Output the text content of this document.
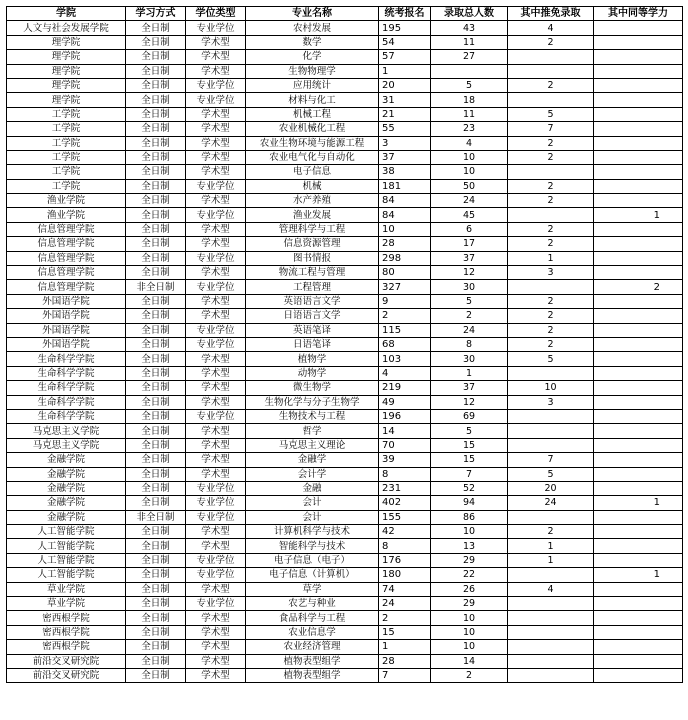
学院	学习方式	学位类型	专业名称	统考报名	录取总人数	其中推免录取	其中同等学力
人文与社会发展学院	全日制	专业学位	农村发展	195	43	4	
理学院	全日制	学术型	数学	54	11	2	
理学院	全日制	学术型	化学	57	27		
理学院	全日制	学术型	生物物理学	1			
理学院	全日制	专业学位	应用统计	20	5	2	
理学院	全日制	专业学位	材料与化工	31	18		
工学院	全日制	学术型	机械工程	21	11	5	
工学院	全日制	学术型	农业机械化工程	55	23	7	
工学院	全日制	学术型	农业生物环境与能源工程	3	4	2	
工学院	全日制	学术型	农业电气化与自动化	37	10	2	
工学院	全日制	学术型	电子信息	38	10		
工学院	全日制	专业学位	机械	181	50	2	
渔业学院	全日制	学术型	水产养殖	84	24	2	
渔业学院	全日制	专业学位	渔业发展	84	45		1
信息管理学院	全日制	学术型	管理科学与工程	10	6	2	
信息管理学院	全日制	学术型	信息资源管理	28	17	2	
信息管理学院	全日制	专业学位	图书情报	298	37	1	
信息管理学院	全日制	学术型	物流工程与管理	80	12	3	
信息管理学院	非全日制	专业学位	工程管理	327	30		2
外国语学院	全日制	学术型	英语语言文学	9	5	2	
外国语学院	全日制	学术型	日语语言文学	2	2	2	
外国语学院	全日制	专业学位	英语笔译	115	24	2	
外国语学院	全日制	专业学位	日语笔译	68	8	2	
生命科学学院	全日制	学术型	植物学	103	30	5	
生命科学学院	全日制	学术型	动物学	4	1		
生命科学学院	全日制	学术型	微生物学	219	37	10	
生命科学学院	全日制	学术型	生物化学与分子生物学	49	12	3	
生命科学学院	全日制	专业学位	生物技术与工程	196	69		
马克思主义学院	全日制	学术型	哲学	14	5		
马克思主义学院	全日制	学术型	马克思主义理论	70	15		
金融学院	全日制	学术型	金融学	39	15	7	
金融学院	全日制	学术型	会计学	8	7	5	
金融学院	全日制	专业学位	金融	231	52	20	
金融学院	全日制	专业学位	会计	402	94	24	1
金融学院	非全日制	专业学位	会计	155	86		
人工智能学院	全日制	学术型	计算机科学与技术	42	10	2	
人工智能学院	全日制	学术型	智能科学与技术	8	13	1	
人工智能学院	全日制	专业学位	电子信息（电子）	176	29	1	
人工智能学院	全日制	专业学位	电子信息（计算机）	180	22		1
草业学院	全日制	学术型	草学	74	26	4	
草业学院	全日制	专业学位	农艺与种业	24	29		
密西根学院	全日制	学术型	食品科学与工程	2	10		
密西根学院	全日制	学术型	农业信息学	15	10		
密西根学院	全日制	学术型	农业经济管理	1	10		
前沿交叉研究院	全日制	学术型	植物表型组学	28	14		
前沿交叉研究院	全日制	学术型	植物表型组学	7	2		
